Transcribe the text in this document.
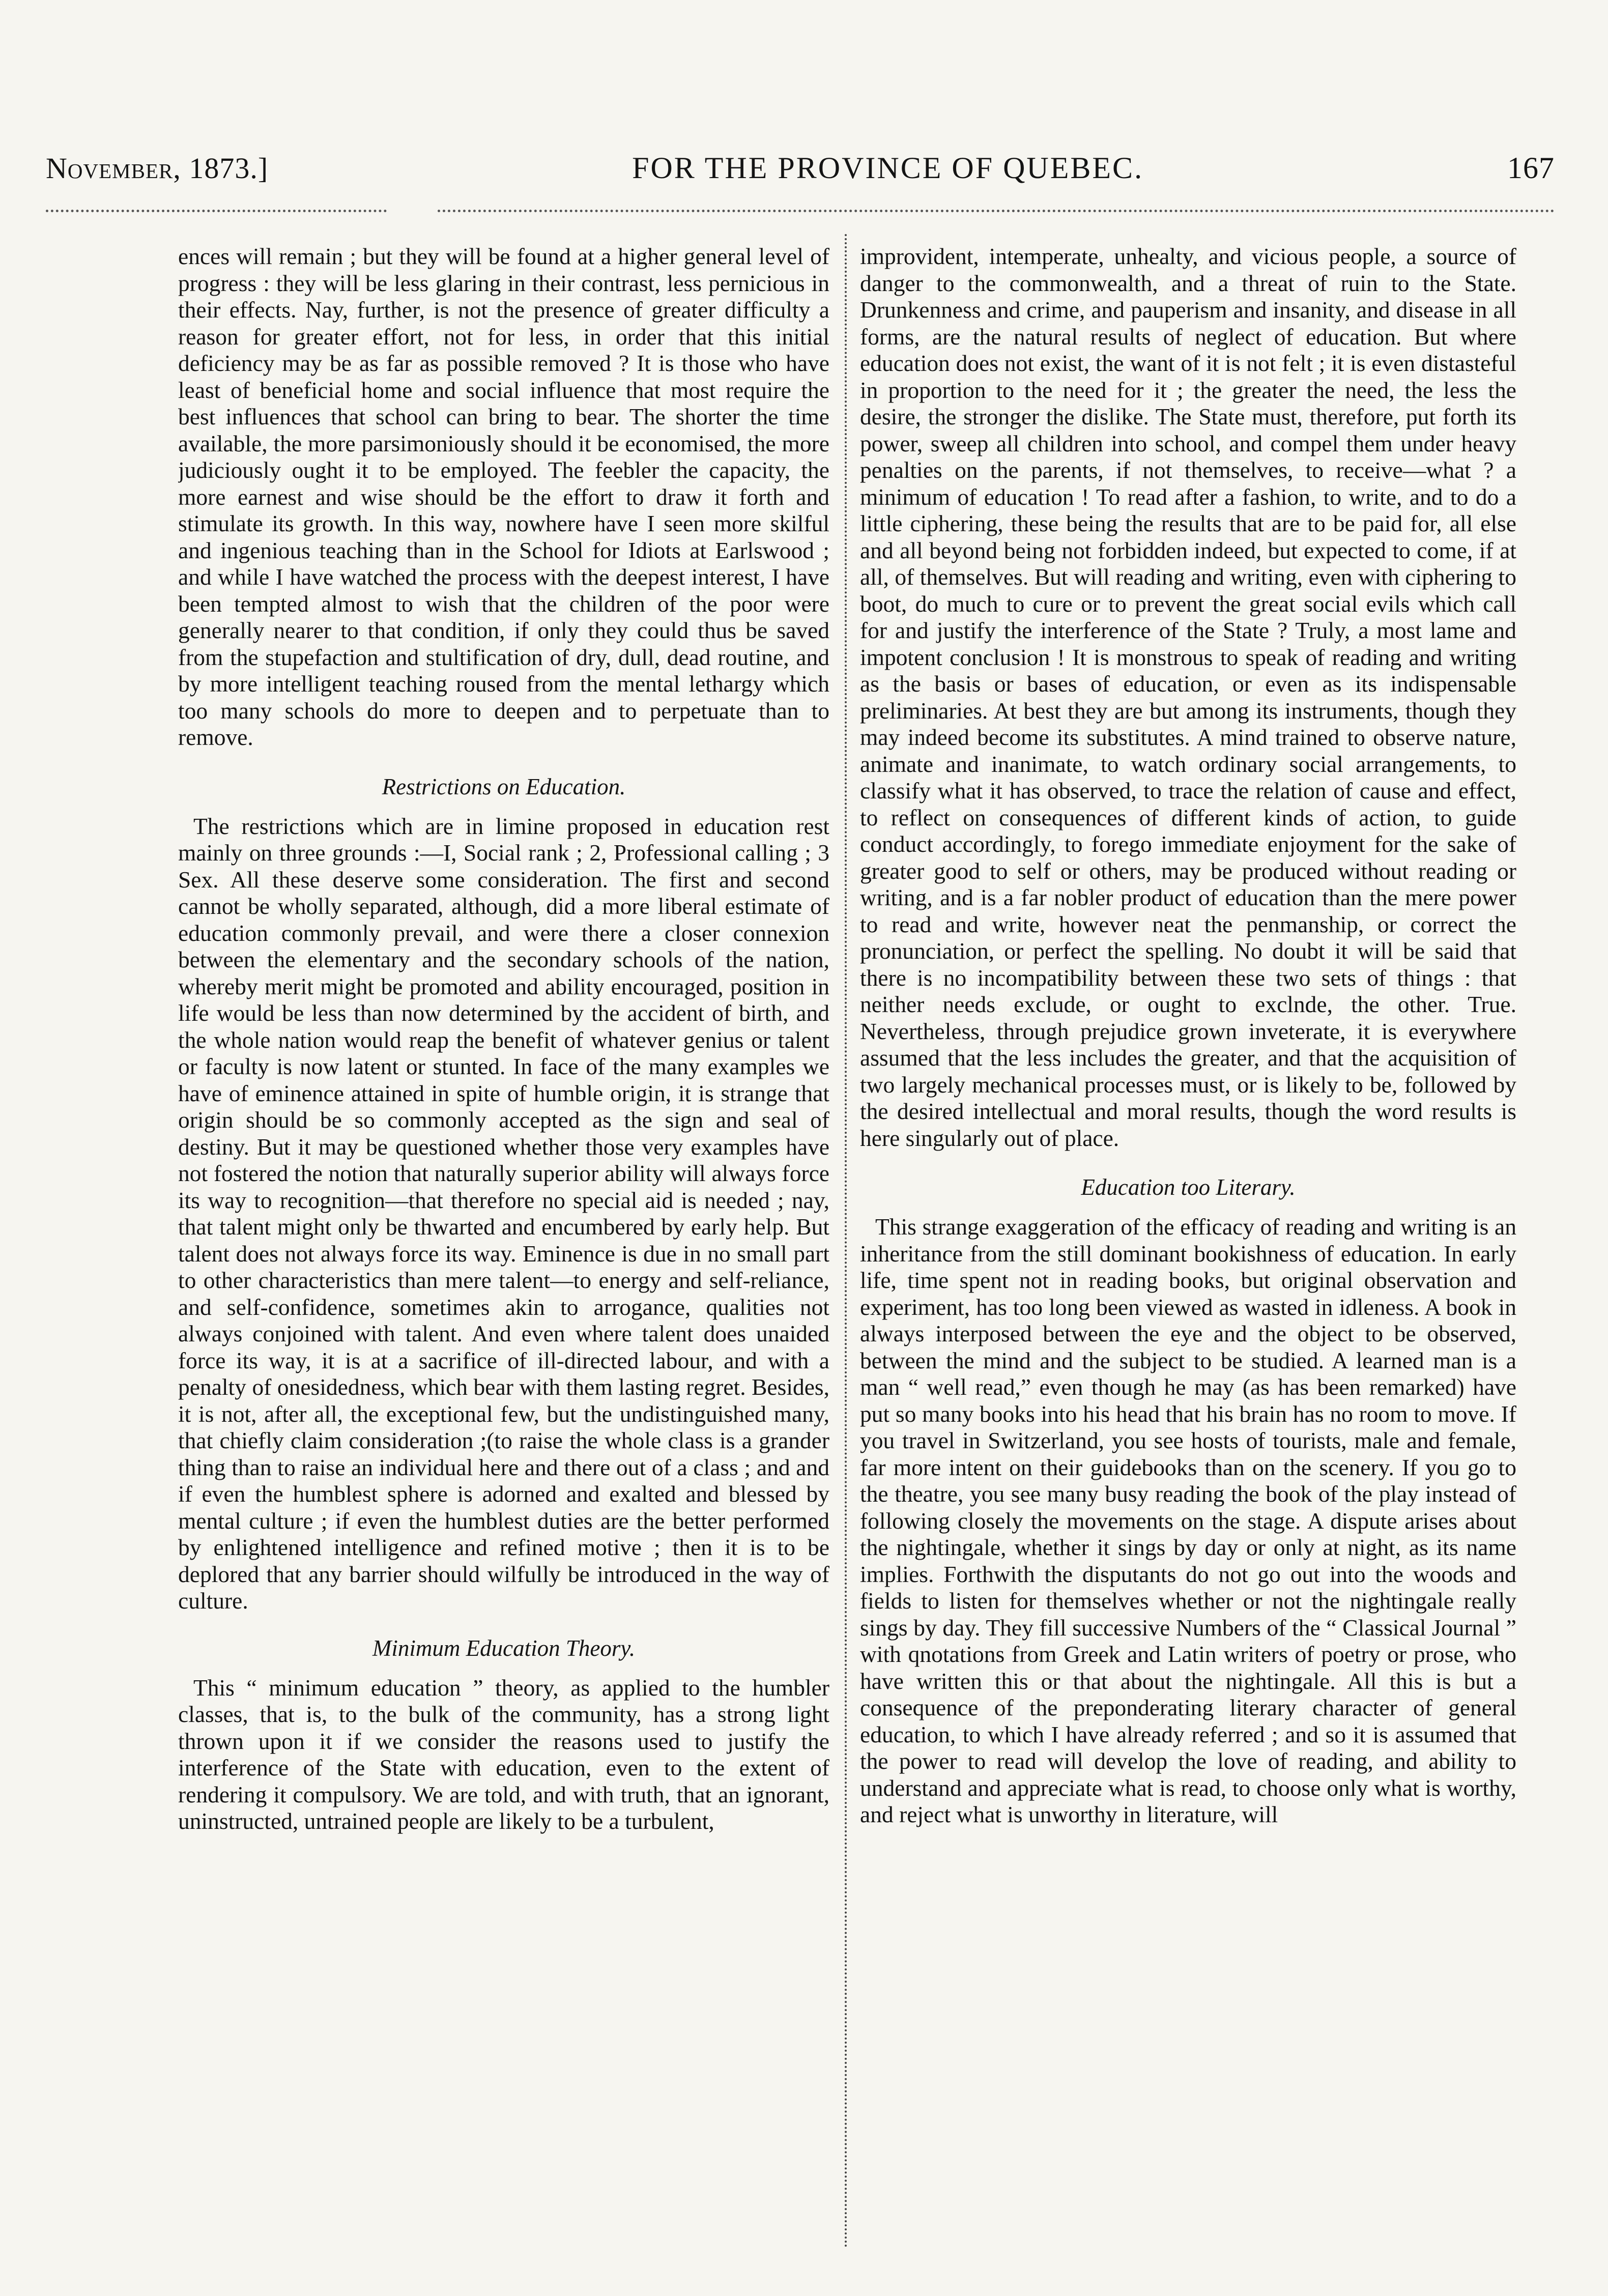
November, 1873.]	FOR THE PROVINCE OF QUEBEC.	167

ences will remain ; but they will be found at a higher general level of progress : they will be less glaring in their contrast, less pernicious in their effects. Nay, further, is not the presence of greater difficulty a reason for greater effort, not for less, in order that this initial deficiency may be as far as possible removed ? It is those who have least of beneficial home and social influence that most require the best influences that school can bring to bear. The shorter the time available, the more parsimoniously should it be economised, the more judiciously ought it to be employed. The feebler the capacity, the more earnest and wise should be the effort to draw it forth and stimulate its growth. In this way, nowhere have I seen more skilful and ingenious teaching than in the School for Idiots at Earlswood ; and while I have watched the process with the deepest interest, I have been tempted almost to wish that the children of the poor were generally nearer to that condition, if only they could thus be saved from the stupefaction and stultification of dry, dull, dead routine, and by more intelligent teaching roused from the mental lethargy which too many schools do more to deepen and to perpetuate than to remove.

Restrictions on Education.

The restrictions which are in limine proposed in education rest mainly on three grounds :—I, Social rank ; 2, Professional calling ; 3 Sex. All these deserve some consideration. The first and second cannot be wholly separated, although, did a more liberal estimate of education commonly prevail, and were there a closer connexion between the elementary and the secondary schools of the nation, whereby merit might be promoted and ability encouraged, position in life would be less than now determined by the accident of birth, and the whole nation would reap the benefit of whatever genius or talent or faculty is now latent or stunted. In face of the many examples we have of eminence attained in spite of humble origin, it is strange that origin should be so commonly accepted as the sign and seal of destiny. But it may be questioned whether those very examples have not fostered the notion that naturally superior ability will always force its way to recognition—that therefore no special aid is needed ; nay, that talent might only be thwarted and encumbered by early help. But talent does not always force its way. Eminence is due in no small part to other characteristics than mere talent—to energy and self-reliance, and self-confidence, sometimes akin to arrogance, qualities not always conjoined with talent. And even where talent does unaided force its way, it is at a sacrifice of ill-directed labour, and with a penalty of onesidedness, which bear with them lasting regret. Besides, it is not, after all, the exceptional few, but the undistinguished many, that chiefly claim consideration ;(to raise the whole class is a grander thing than to raise an individual here and there out of a class ; and and if even the humblest sphere is adorned and exalted and blessed by mental culture ; if even the humblest duties are the better performed by enlightened intelligence and refined motive ; then it is to be deplored that any barrier should wilfully be introduced in the way of culture.

Minimum Education Theory.

This “ minimum education ” theory, as applied to the humbler classes, that is, to the bulk of the community, has a strong light thrown upon it if we consider the reasons used to justify the interference of the State with education, even to the extent of rendering it compulsory. We are told, and with truth, that an ignorant, uninstructed, untrained people are likely to be a turbulent,

improvident, intemperate, unhealty, and vicious people, a source of danger to the commonwealth, and a threat of ruin to the State. Drunkenness and crime, and pauperism and insanity, and disease in all forms, are the natural results of neglect of education. But where education does not exist, the want of it is not felt ; it is even distasteful in proportion to the need for it ; the greater the need, the less the desire, the stronger the dislike. The State must, therefore, put forth its power, sweep all children into school, and compel them under heavy penalties on the parents, if not themselves, to receive—what ? a minimum of education ! To read after a fashion, to write, and to do a little ciphering, these being the results that are to be paid for, all else and all beyond being not forbidden indeed, but expected to come, if at all, of themselves. But will reading and writing, even with ciphering to boot, do much to cure or to prevent the great social evils which call for and justify the interference of the State ? Truly, a most lame and impotent conclusion ! It is monstrous to speak of reading and writing as the basis or bases of education, or even as its indispensable preliminaries. At best they are but among its instruments, though they may indeed become its substitutes. A mind trained to observe nature, animate and inanimate, to watch ordinary social arrangements, to classify what it has observed, to trace the relation of cause and effect, to reflect on consequences of different kinds of action, to guide conduct accordingly, to forego immediate enjoyment for the sake of greater good to self or others, may be produced without reading or writing, and is a far nobler product of education than the mere power to read and write, however neat the penmanship, or correct the pronunciation, or perfect the spelling. No doubt it will be said that there is no incompatibility between these two sets of things : that neither needs exclude, or ought to exclnde, the other. True. Nevertheless, through prejudice grown inveterate, it is everywhere assumed that the less includes the greater, and that the acquisition of two largely mechanical processes must, or is likely to be, followed by the desired intellectual and moral results, though the word results is here singularly out of place.

Education too Literary.

This strange exaggeration of the efficacy of reading and writing is an inheritance from the still dominant bookishness of education. In early life, time spent not in reading books, but original observation and experiment, has too long been viewed as wasted in idleness. A book in always interposed between the eye and the object to be observed, between the mind and the subject to be studied. A learned man is a man “ well read,” even though he may (as has been remarked) have put so many books into his head that his brain has no room to move. If you travel in Switzerland, you see hosts of tourists, male and female, far more intent on their guidebooks than on the scenery. If you go to the theatre, you see many busy reading the book of the play instead of following closely the movements on the stage. A dispute arises about the nightingale, whether it sings by day or only at night, as its name implies. Forthwith the disputants do not go out into the woods and fields to listen for themselves whether or not the nightingale really sings by day. They fill successive Numbers of the “ Classical Journal ” with qnotations from Greek and Latin writers of poetry or prose, who have written this or that about the nightingale. All this is but a consequence of the preponderating literary character of general education, to which I have already referred ; and so it is assumed that the power to read will develop the love of reading, and ability to understand and appreciate what is read, to choose only what is worthy, and reject what is unworthy in literature, will
